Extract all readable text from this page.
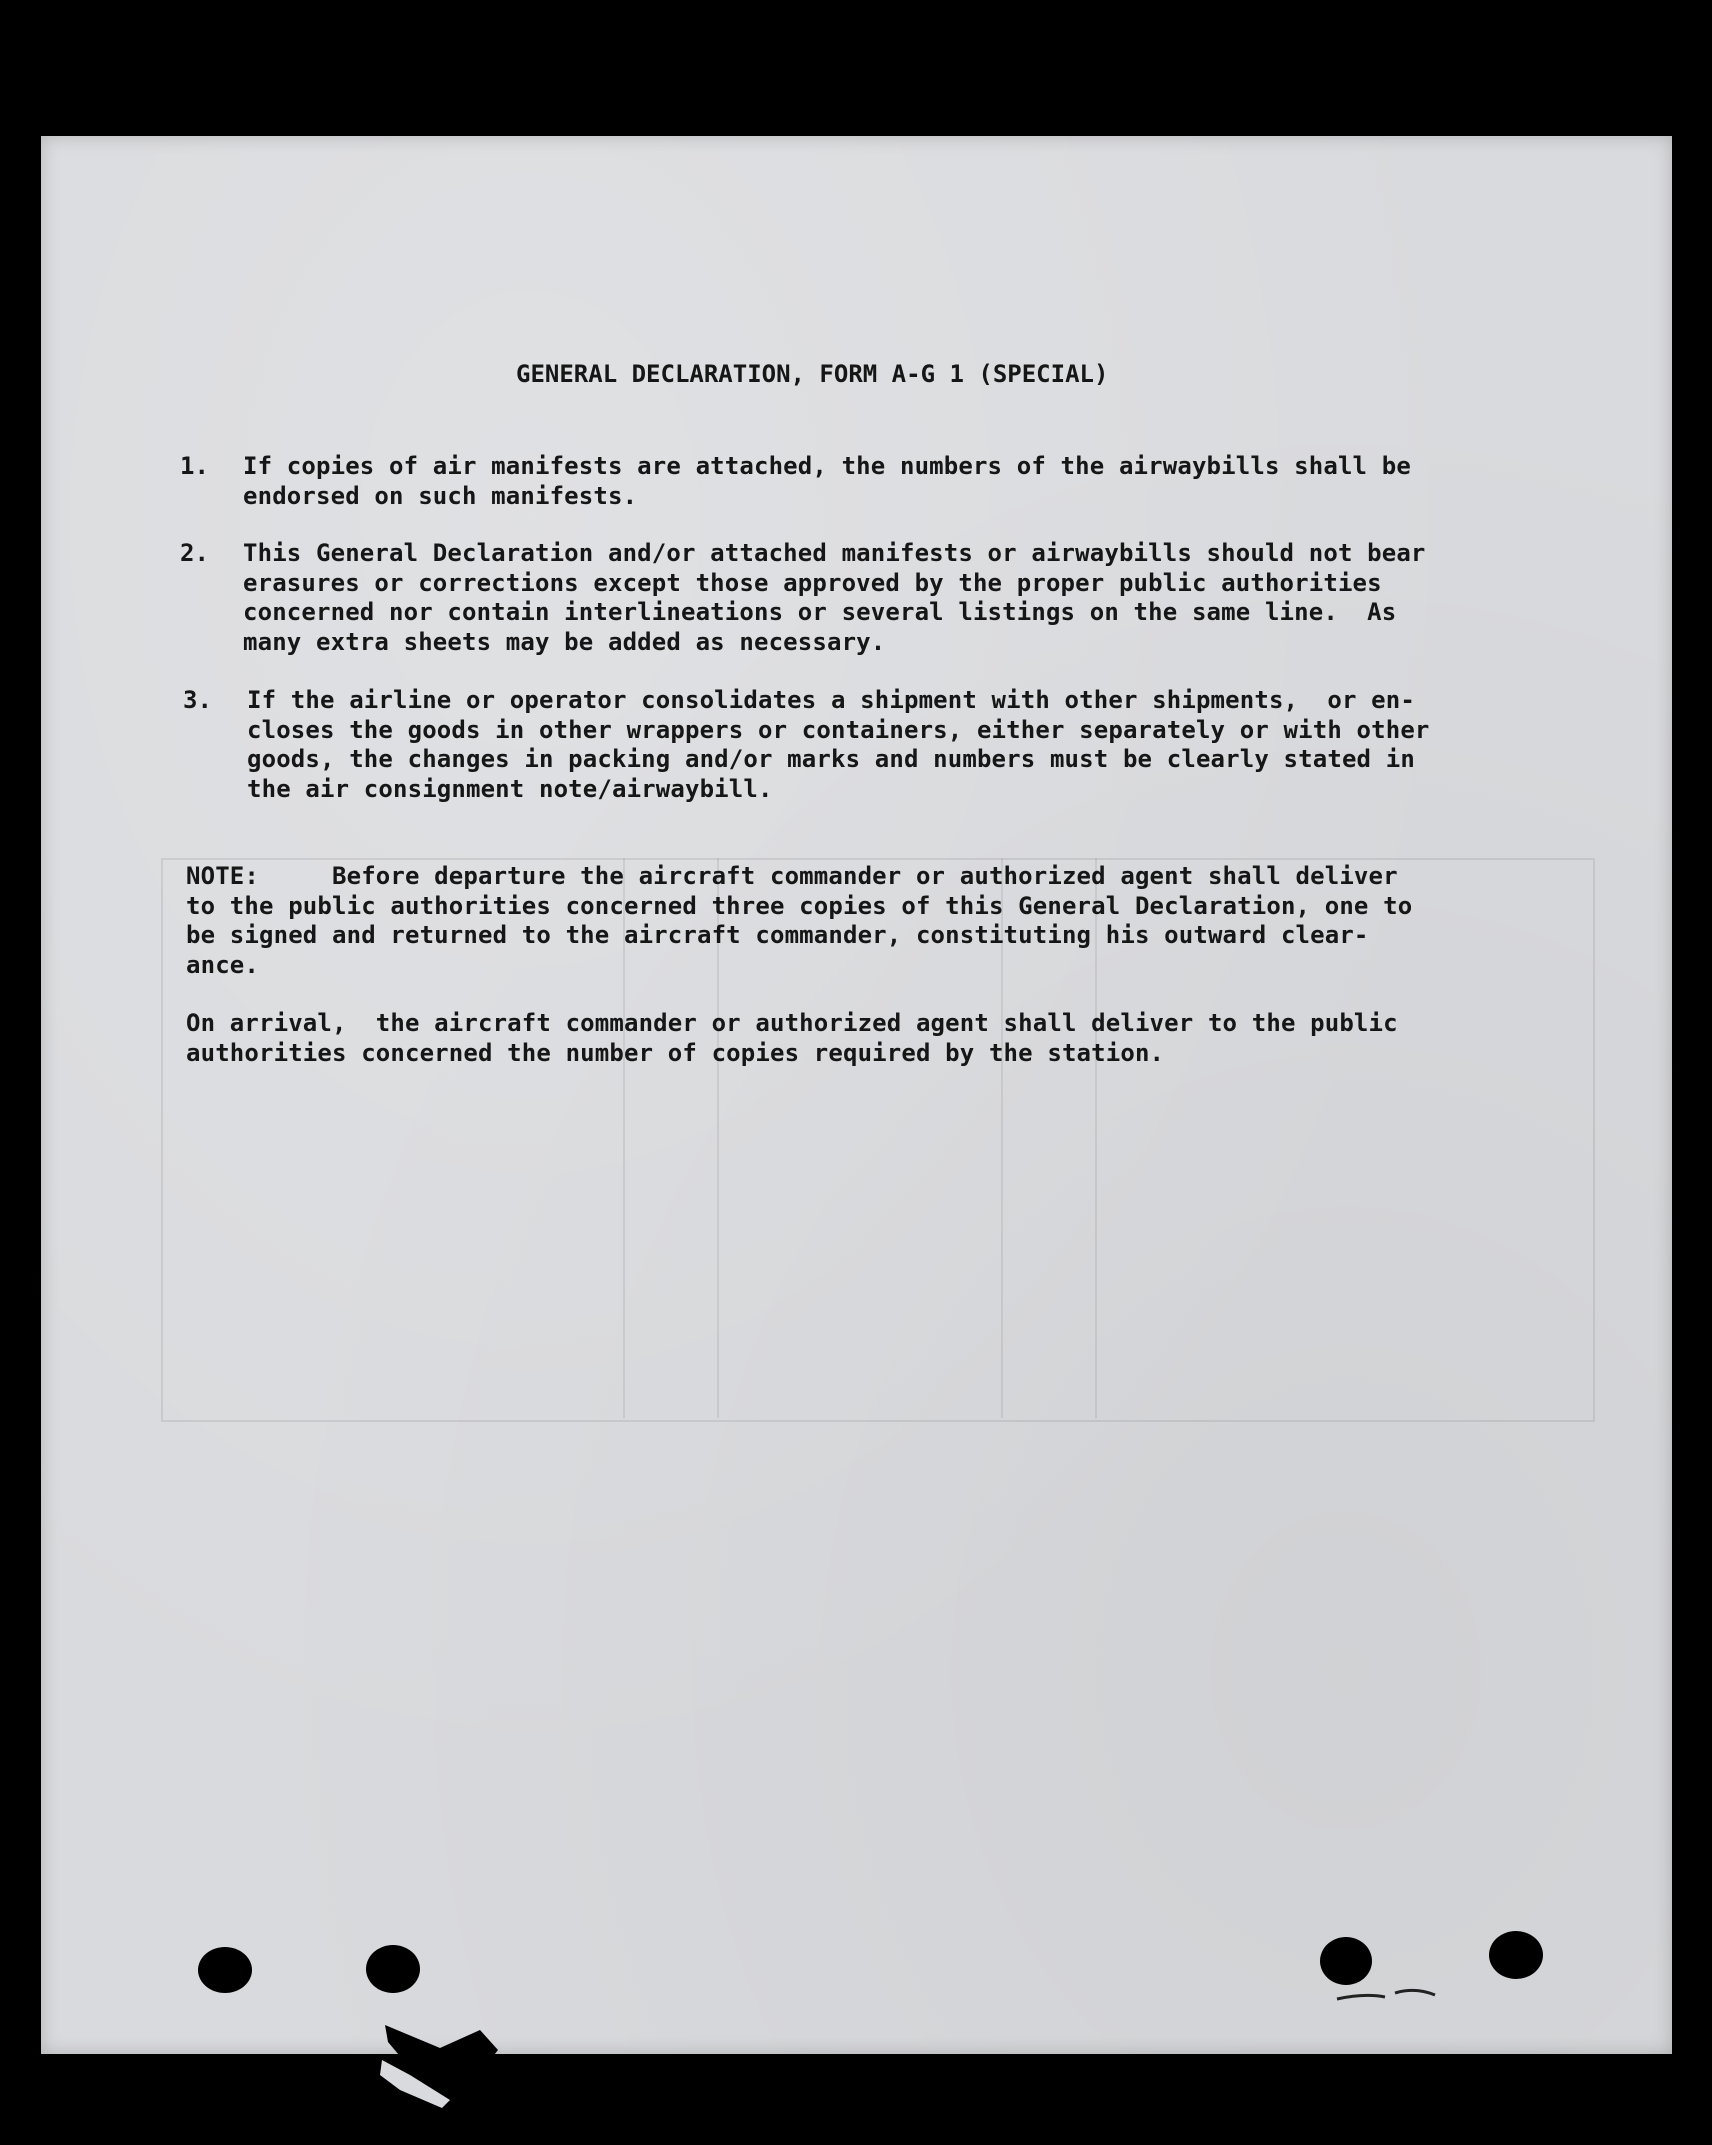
GENERAL DECLARATION, FORM A-G 1 (SPECIAL)
1. If copies of air manifests are attached, the numbers of the airwaybills shall be
endorsed on such manifests.
2. This General Declaration and/or attached manifests or airwaybills should not bear
erasures or corrections except those approved by the proper public authorities
concerned nor contain interlineations or several listings on the same line.  As
many extra sheets may be added as necessary.
3. If the airline or operator consolidates a shipment with other shipments,  or en-
closes the goods in other wrappers or containers, either separately or with other
goods, the changes in packing and/or marks and numbers must be clearly stated in
the air consignment note/airwaybill.
NOTE:     Before departure the aircraft commander or authorized agent shall deliver
to the public authorities concerned three copies of this General Declaration, one to
be signed and returned to the aircraft commander, constituting his outward clear-
ance.
On arrival,  the aircraft commander or authorized agent shall deliver to the public
authorities concerned the number of copies required by the station.
